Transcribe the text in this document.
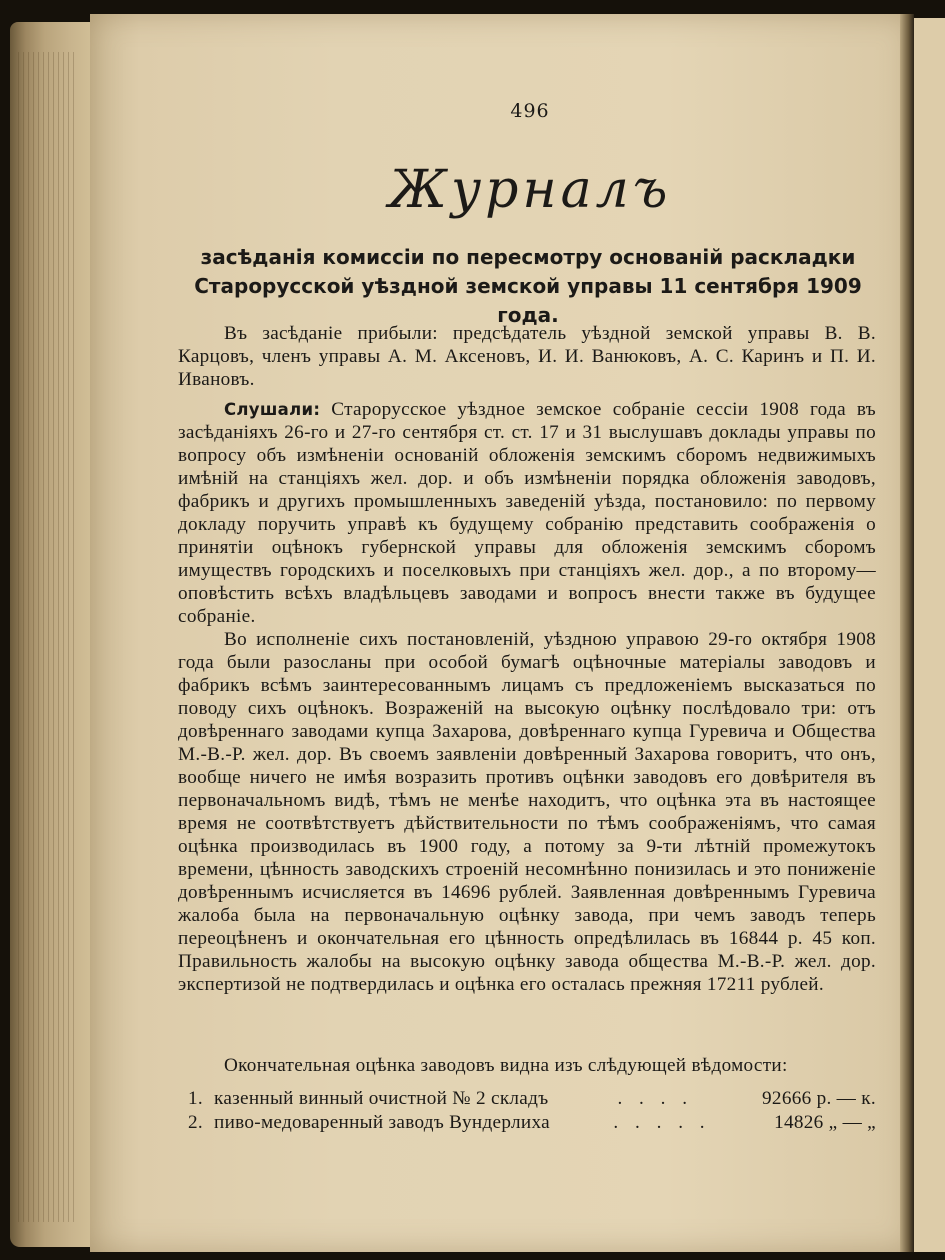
496
Журналъ
засѣданія комиссіи по пересмотру основаній раскладки Старорусской уѣздной земской управы 11 сентября 1909 года.

Въ засѣданіе прибыли: предсѣдатель уѣздной земской управы В. В. Карцовъ, членъ управы А. М. Аксеновъ, И. И. Ванюковъ, А. С. Каринъ и П. И. Ивановъ.

Слушали: Старорусское уѣздное земское собраніе сессіи 1908 года въ засѣданіяхъ 26-го и 27-го сентября ст. ст. 17 и 31 выслушавъ доклады управы по вопросу объ измѣненіи основаній обложенія земскимъ сборомъ недвижимыхъ имѣній на станціяхъ жел. дор. и объ измѣненіи порядка обложенія заводовъ, фабрикъ и другихъ промышленныхъ заведеній уѣзда, постановило: по первому докладу поручить управѣ къ будущему собранію представить соображенія о принятіи оцѣнокъ губернской управы для обложенія земскимъ сборомъ имуществъ городскихъ и поселковыхъ при станціяхъ жел. дор., а по второму—оповѣстить всѣхъ владѣльцевъ заводами и вопросъ внести также въ будущее собраніе.

Во исполненіе сихъ постановленій, уѣздною управою 29-го октября 1908 года были разосланы при особой бумагѣ оцѣночные матеріалы заводовъ и фабрикъ всѣмъ заинтересованнымъ лицамъ съ предложеніемъ высказаться по поводу сихъ оцѣнокъ. Возраженій на высокую оцѣнку послѣдовало три: отъ довѣреннаго заводами купца Захарова, довѣреннаго купца Гуревича и Общества М.-В.-Р. жел. дор. Въ своемъ заявленіи довѣренный Захарова говоритъ, что онъ, вообще ничего не имѣя возразить противъ оцѣнки заводовъ его довѣрителя въ первоначальномъ видѣ, тѣмъ не менѣе находитъ, что оцѣнка эта въ настоящее время не соотвѣтствуетъ дѣйствительности по тѣмъ соображеніямъ, что самая оцѣнка производилась въ 1900 году, а потому за 9-ти лѣтній промежутокъ времени, цѣнность заводскихъ строеній несомнѣнно понизилась и это пониженіе довѣреннымъ исчисляется въ 14696 рублей. Заявленная довѣреннымъ Гуревича жалоба была на первоначальную оцѣнку завода, при чемъ заводъ теперь переоцѣненъ и окончательная его цѣнность опредѣлилась въ 16844 р. 45 коп. Правильность жалобы на высокую оцѣнку завода общества М.-В.-Р. жел. дор. экспертизой не подтвердилась и оцѣнка его осталась прежняя 17211 рублей.

Окончательная оцѣнка заводовъ видна изъ слѣдующей вѣдомости:
1. казенный винный очистной № 2 складъ	. . . .	92666 р. — к.
2. пиво-медоваренный заводъ Вундерлиха	. . . . .	14826 „ — „
